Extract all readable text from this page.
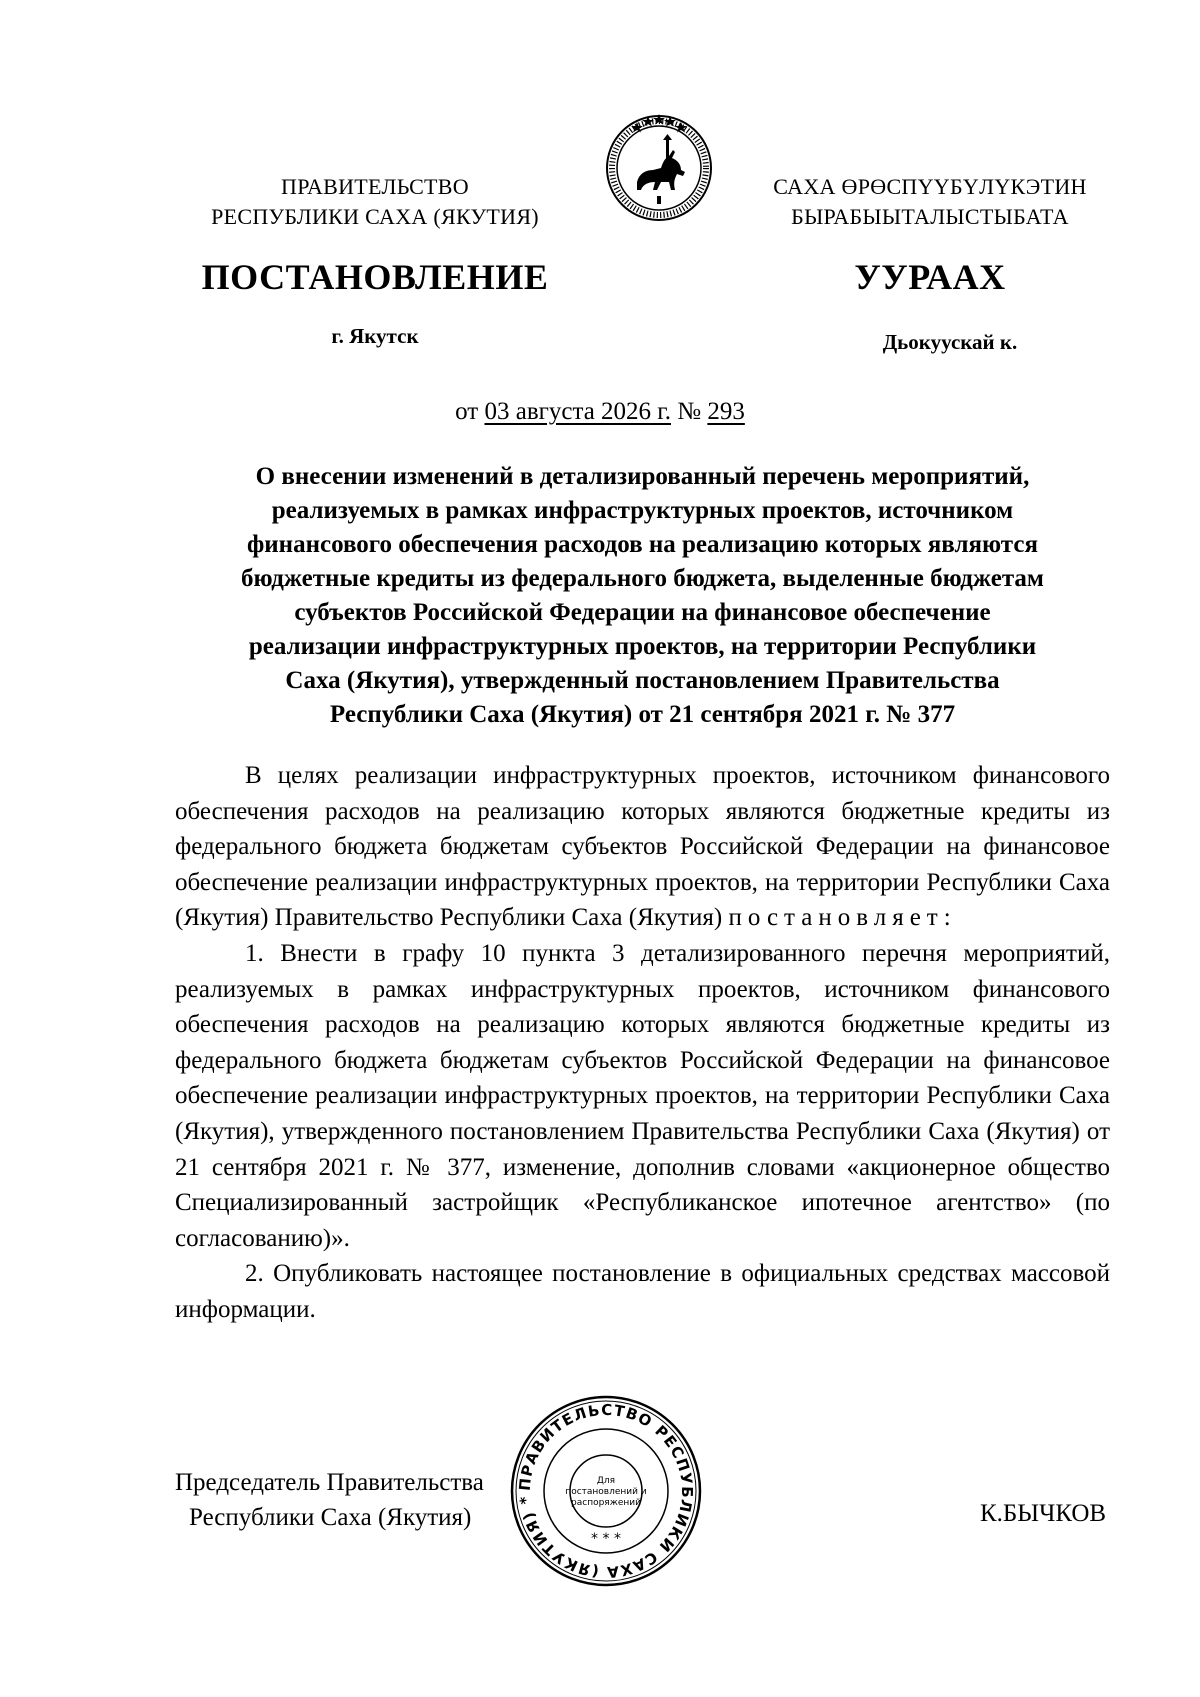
ПРАВИТЕЛЬСТВО
РЕСПУБЛИКИ САХА (ЯКУТИЯ)
САХА ӨРӨСПҮҮБҮЛҮКЭТИН
БЫРАБЫЫТАЛЫСТЫБАТА
ПОСТАНОВЛЕНИЕ	УУРААХ
г. Якутск	Дьокуускай к.
от 03 августа 2026 г. № 293
О внесении изменений в детализированный перечень мероприятий,
реализуемых в рамках инфраструктурных проектов, источником
финансового обеспечения расходов на реализацию которых являются
бюджетные кредиты из федерального бюджета, выделенные бюджетам
субъектов Российской Федерации на финансовое обеспечение
реализации инфраструктурных проектов, на территории Республики
Саха (Якутия), утвержденный постановлением Правительства
Республики Саха (Якутия) от 21 сентября 2021 г. № 377

В целях реализации инфраструктурных проектов, источником финансового обеспечения расходов на реализацию которых являются бюджетные кредиты из федерального бюджета бюджетам субъектов Российской Федерации на финансовое обеспечение реализации инфраструктурных проектов, на территории Республики Саха (Якутия) Правительство Республики Саха (Якутия) постановляет:

1. Внести в графу 10 пункта 3 детализированного перечня мероприятий, реализуемых в рамках инфраструктурных проектов, источником финансового обеспечения расходов на реализацию которых являются бюджетные кредиты из федерального бюджета бюджетам субъектов Российской Федерации на финансовое обеспечение реализации инфраструктурных проектов, на территории Республики Саха (Якутия), утвержденного постановлением Правительства Республики Саха (Якутия) от 21 сентября 2021 г. № 377, изменение, дополнив словами «акционерное общество Специализированный застройщик «Республиканское ипотечное агентство» (по согласованию)».

2. Опубликовать настоящее постановление в официальных средствах массовой информации.

Председатель Правительства
Республики Саха (Якутия)	К.БЫЧКОВ
ПРАВИТЕЛЬСТВО РЕСПУБЛИКИ САХА (ЯКУТИЯ) *
Для
постановлений и
распоряжений
* * *
